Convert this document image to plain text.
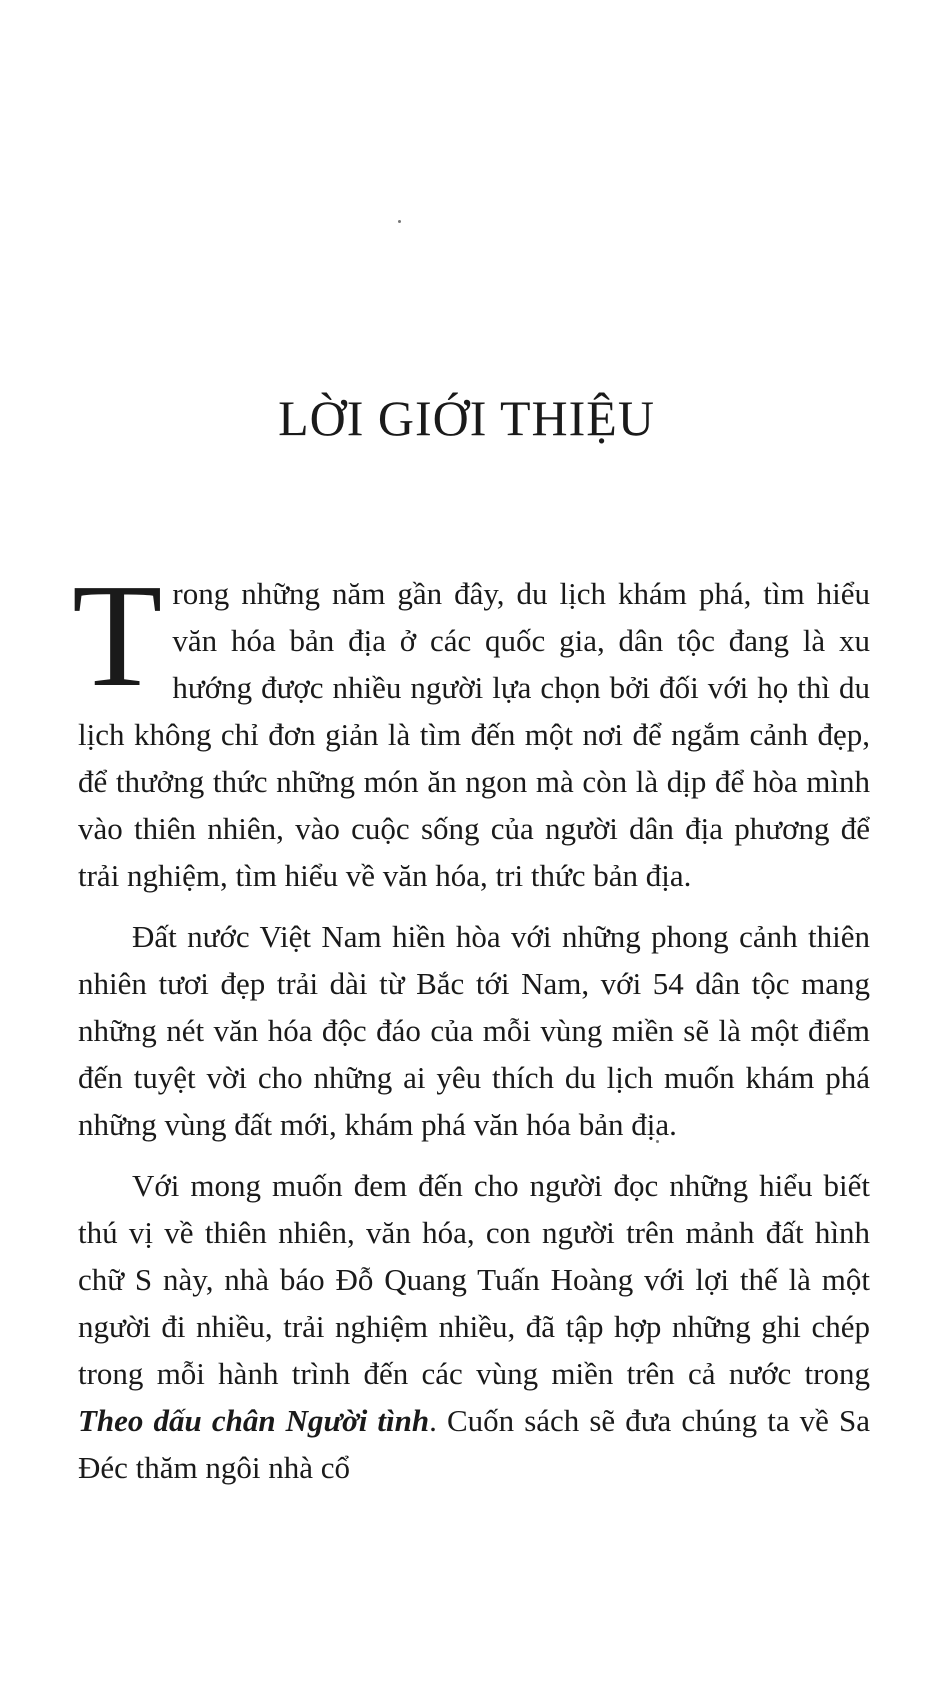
LỜI GIỚI THIỆU

Trong những năm gần đây, du lịch khám phá, tìm hiểu văn hóa bản địa ở các quốc gia, dân tộc đang là xu hướng được nhiều người lựa chọn bởi đối với họ thì du lịch không chỉ đơn giản là tìm đến một nơi để ngắm cảnh đẹp, để thưởng thức những món ăn ngon mà còn là dịp để hòa mình vào thiên nhiên, vào cuộc sống của người dân địa phương để trải nghiệm, tìm hiểu về văn hóa, tri thức bản địa.

Đất nước Việt Nam hiền hòa với những phong cảnh thiên nhiên tươi đẹp trải dài từ Bắc tới Nam, với 54 dân tộc mang những nét văn hóa độc đáo của mỗi vùng miền sẽ là một điểm đến tuyệt vời cho những ai yêu thích du lịch muốn khám phá những vùng đất mới, khám phá văn hóa bản địa.

Với mong muốn đem đến cho người đọc những hiểu biết thú vị về thiên nhiên, văn hóa, con người trên mảnh đất hình chữ S này, nhà báo Đỗ Quang Tuấn Hoàng với lợi thế là một người đi nhiều, trải nghiệm nhiều, đã tập hợp những ghi chép trong mỗi hành trình đến các vùng miền trên cả nước trong Theo dấu chân Người tình. Cuốn sách sẽ đưa chúng ta về Sa Đéc thăm ngôi nhà cổ
